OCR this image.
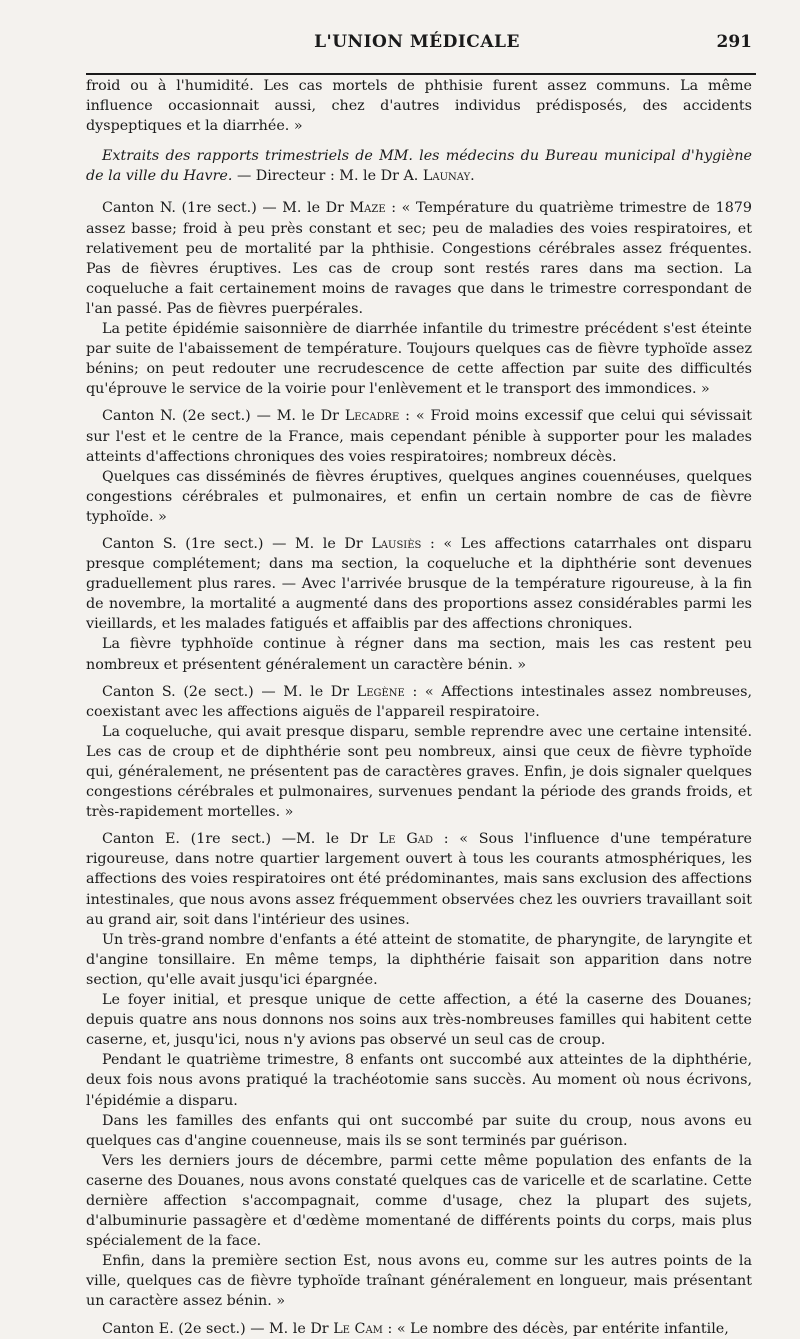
L'UNION MÉDICALE	291

froid ou à l'humidité. Les cas mortels de phthisie furent assez communs. La même influence occasionnait aussi, chez d'autres individus prédisposés, des accidents dyspeptiques et la diarrhée. »

Extraits des rapports trimestriels de MM. les médecins du Bureau municipal d'hygiène de la ville du Havre. — Directeur : M. le Dr A. Launay.

Canton N. (1re sect.) — M. le Dr Maze : « Température du quatrième trimestre de 1879 assez basse; froid à peu près constant et sec; peu de maladies des voies respiratoires, et relativement peu de mortalité par la phthisie. Congestions cérébrales assez fréquentes. Pas de fièvres éruptives. Les cas de croup sont restés rares dans ma section. La coqueluche a fait certainement moins de ravages que dans le trimestre correspondant de l'an passé. Pas de fièvres puerpérales.

La petite épidémie saisonnière de diarrhée infantile du trimestre précédent s'est éteinte par suite de l'abaissement de température. Toujours quelques cas de fièvre typhoïde assez bénins; on peut redouter une recrudescence de cette affection par suite des difficultés qu'éprouve le service de la voirie pour l'enlèvement et le transport des immondices. »

Canton N. (2e sect.) — M. le Dr Lecadre : « Froid moins excessif que celui qui sévissait sur l'est et le centre de la France, mais cependant pénible à supporter pour les malades atteints d'affections chroniques des voies respiratoires; nombreux décès.

Quelques cas disséminés de fièvres éruptives, quelques angines couennéuses, quelques congestions cérébrales et pulmonaires, et enfin un certain nombre de cas de fièvre typhoïde. »

Canton S. (1re sect.) — M. le Dr Lausiès : « Les affections catarrhales ont disparu presque complétement; dans ma section, la coqueluche et la diphthérie sont devenues graduellement plus rares. — Avec l'arrivée brusque de la température rigoureuse, à la fin de novembre, la mortalité a augmenté dans des proportions assez considérables parmi les vieillards, et les malades fatigués et affaiblis par des affections chroniques.

La fièvre typhhoïde continue à régner dans ma section, mais les cas restent peu nombreux et présentent généralement un caractère bénin. »

Canton S. (2e sect.) — M. le Dr Legène : « Affections intestinales assez nombreuses, coexistant avec les affections aiguës de l'appareil respiratoire.

La coqueluche, qui avait presque disparu, semble reprendre avec une certaine intensité. Les cas de croup et de diphthérie sont peu nombreux, ainsi que ceux de fièvre typhoïde qui, généralement, ne présentent pas de caractères graves. Enfin, je dois signaler quelques congestions cérébrales et pulmonaires, survenues pendant la période des grands froids, et très-rapidement mortelles. »

Canton E. (1re sect.) —M. le Dr Le Gad : « Sous l'influence d'une température rigoureuse, dans notre quartier largement ouvert à tous les courants atmosphériques, les affections des voies respiratoires ont été prédominantes, mais sans exclusion des affections intestinales, que nous avons assez fréquemment observées chez les ouvriers travaillant soit au grand air, soit dans l'intérieur des usines.

Un très-grand nombre d'enfants a été atteint de stomatite, de pharyngite, de laryngite et d'angine tonsillaire. En même temps, la diphthérie faisait son apparition dans notre section, qu'elle avait jusqu'ici épargnée.

Le foyer initial, et presque unique de cette affection, a été la caserne des Douanes; depuis quatre ans nous donnons nos soins aux très-nombreuses familles qui habitent cette caserne, et, jusqu'ici, nous n'y avions pas observé un seul cas de croup.

Pendant le quatrième trimestre, 8 enfants ont succombé aux atteintes de la diphthérie, deux fois nous avons pratiqué la trachéotomie sans succès. Au moment où nous écrivons, l'épidémie a disparu.

Dans les familles des enfants qui ont succombé par suite du croup, nous avons eu quelques cas d'angine couenneuse, mais ils se sont terminés par guérison.

Vers les derniers jours de décembre, parmi cette même population des enfants de la caserne des Douanes, nous avons constaté quelques cas de varicelle et de scarlatine. Cette dernière affection s'accompagnait, comme d'usage, chez la plupart des sujets, d'albuminurie passagère et d'œdème momentané de différents points du corps, mais plus spécialement de la face.

Enfin, dans la première section Est, nous avons eu, comme sur les autres points de la ville, quelques cas de fièvre typhoïde traînant généralement en longueur, mais présentant un caractère assez bénin. »

Canton E. (2e sect.) — M. le Dr Le Cam : « Le nombre des décès, par entérite infantile,
